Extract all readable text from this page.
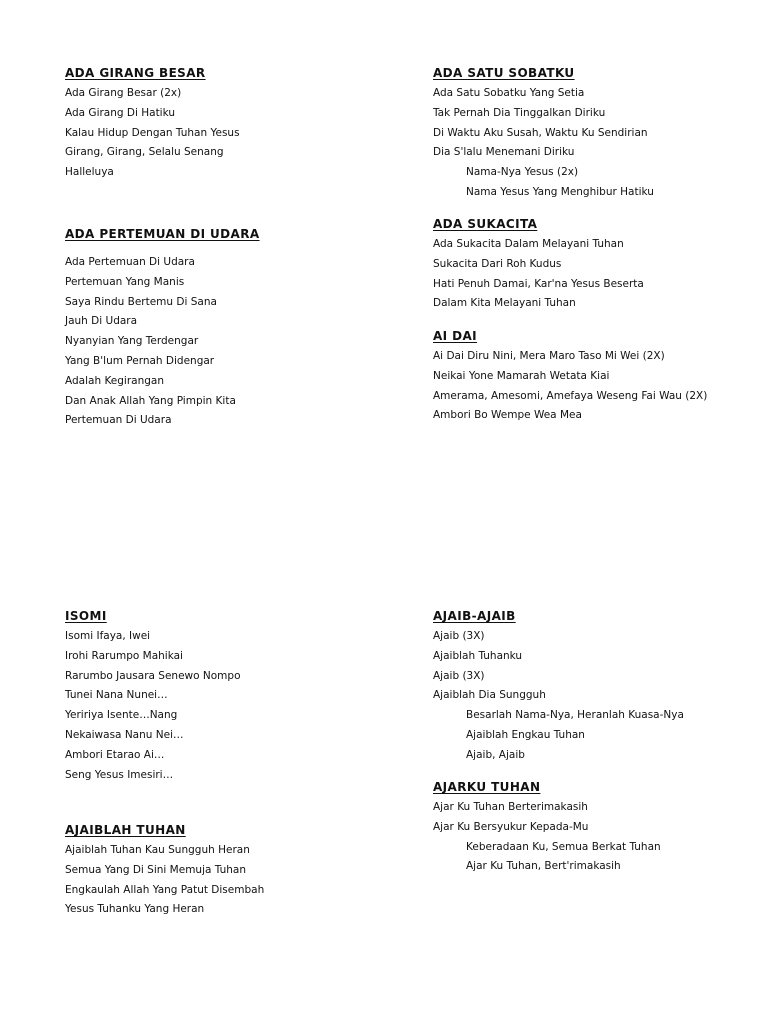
ADA GIRANG BESAR

Ada Girang Besar (2x)

Ada Girang Di Hatiku

Kalau Hidup Dengan Tuhan Yesus

Girang, Girang, Selalu Senang

Halleluya

ADA PERTEMUAN DI UDARA

Ada Pertemuan Di Udara

Pertemuan Yang Manis

Saya Rindu Bertemu Di Sana

Jauh Di Udara

Nyanyian Yang Terdengar

Yang B'lum Pernah Didengar

Adalah Kegirangan

Dan Anak Allah Yang Pimpin Kita

Pertemuan Di Udara

ISOMI

Isomi Ifaya, Iwei

Irohi Rarumpo Mahikai

Rarumbo Jausara Senewo Nompo

Tunei Nana Nunei…

Yeririya Isente…Nang

Nekaiwasa Nanu Nei…

Ambori Etarao Ai…

Seng Yesus Imesiri…

AJAIBLAH TUHAN

Ajaiblah Tuhan Kau Sungguh Heran

Semua Yang Di Sini Memuja Tuhan

Engkaulah Allah Yang Patut Disembah

Yesus Tuhanku Yang Heran

ADA SATU SOBATKU

Ada Satu Sobatku Yang Setia

Tak Pernah Dia Tinggalkan Diriku

Di Waktu Aku Susah, Waktu Ku Sendirian

Dia S'lalu Menemani Diriku

Nama-Nya Yesus (2x)

Nama Yesus Yang Menghibur Hatiku

ADA SUKACITA

Ada Sukacita Dalam Melayani Tuhan

Sukacita Dari Roh Kudus

Hati Penuh Damai, Kar'na Yesus Beserta

Dalam Kita Melayani Tuhan

AI DAI

Ai Dai Diru Nini, Mera Maro Taso Mi Wei (2X)

Neikai Yone Mamarah Wetata Kiai

Amerama, Amesomi, Amefaya Weseng Fai Wau (2X)

Ambori Bo Wempe Wea Mea

AJAIB-AJAIB

Ajaib (3X)

Ajaiblah Tuhanku

Ajaib (3X)

Ajaiblah Dia Sungguh

Besarlah Nama-Nya, Heranlah Kuasa-Nya

Ajaiblah Engkau Tuhan

Ajaib, Ajaib

AJARKU TUHAN

Ajar Ku Tuhan Berterimakasih

Ajar Ku Bersyukur Kepada-Mu

Keberadaan Ku, Semua Berkat Tuhan

Ajar Ku Tuhan, Bert'rimakasih
